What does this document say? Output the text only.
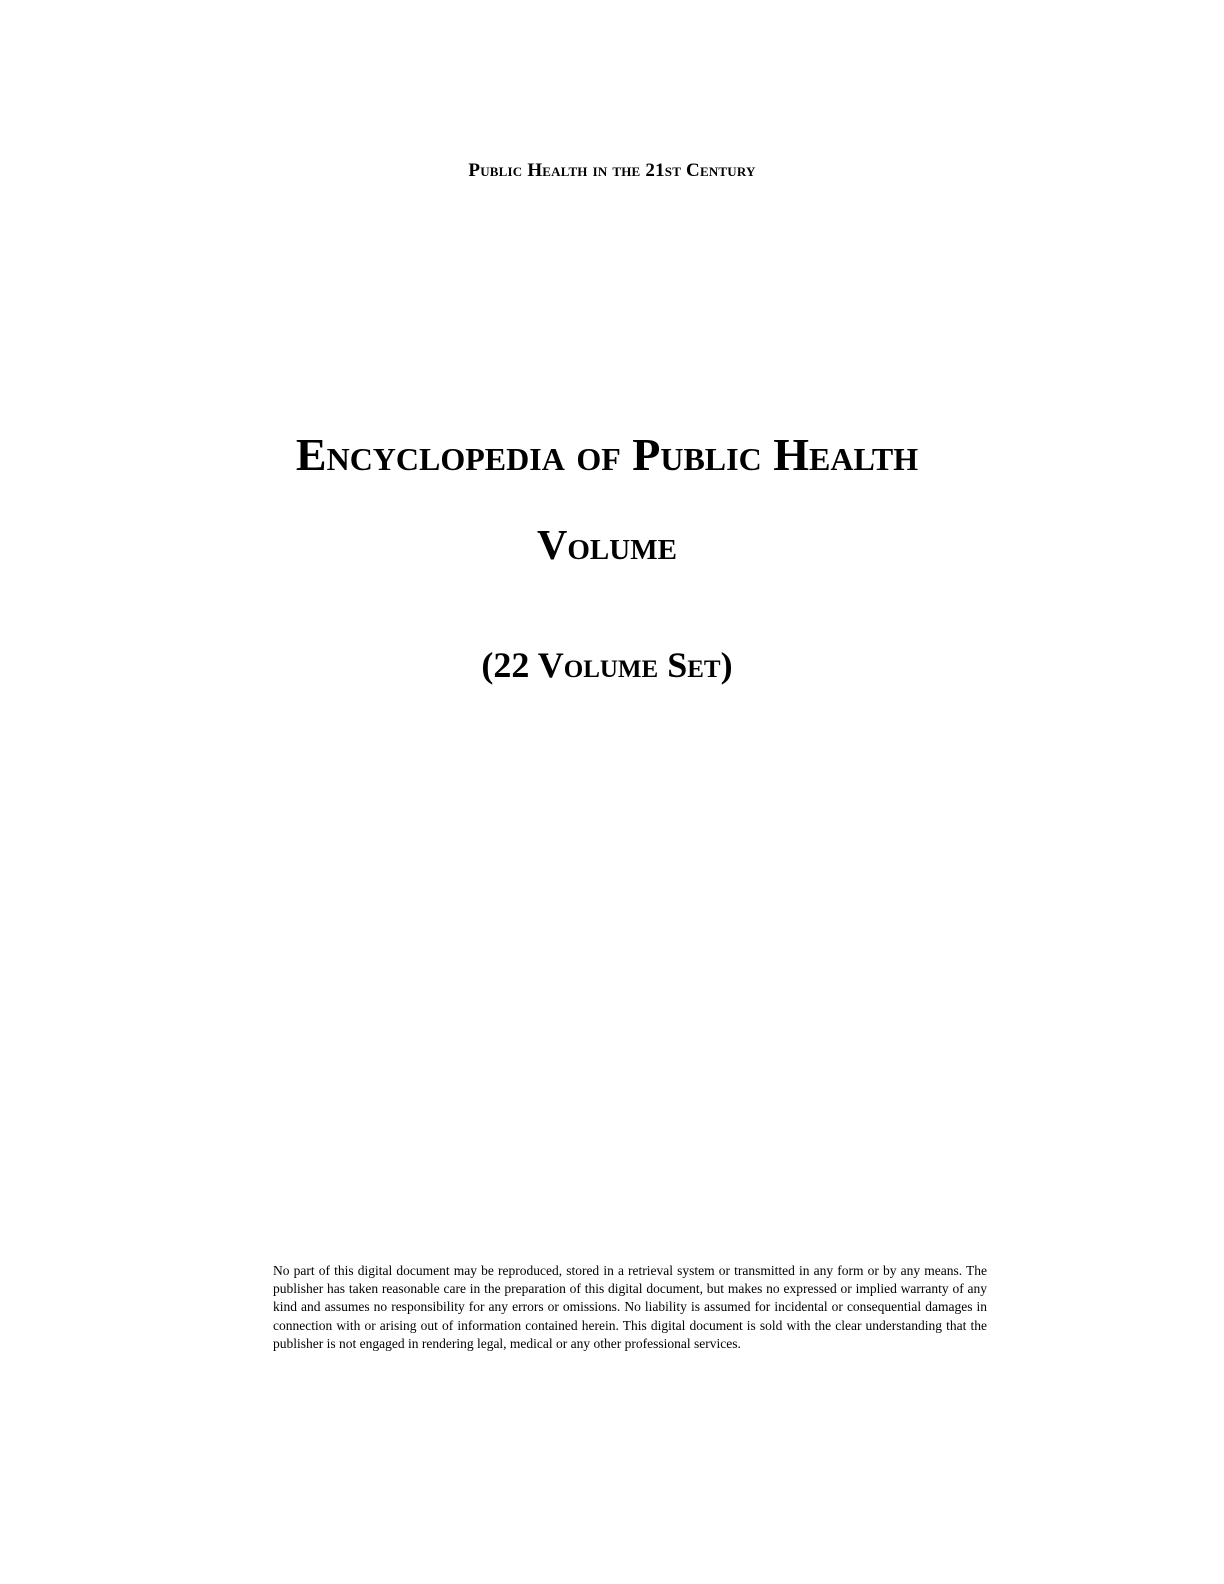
Public Health in the 21st Century

Encyclopedia of Public Health
Volume
(22 Volume Set)

No part of this digital document may be reproduced, stored in a retrieval system or transmitted in any form or by any means. The publisher has taken reasonable care in the preparation of this digital document, but makes no expressed or implied warranty of any kind and assumes no responsibility for any errors or omissions. No liability is assumed for incidental or consequential damages in connection with or arising out of information contained herein. This digital document is sold with the clear understanding that the publisher is not engaged in rendering legal, medical or any other professional services.
